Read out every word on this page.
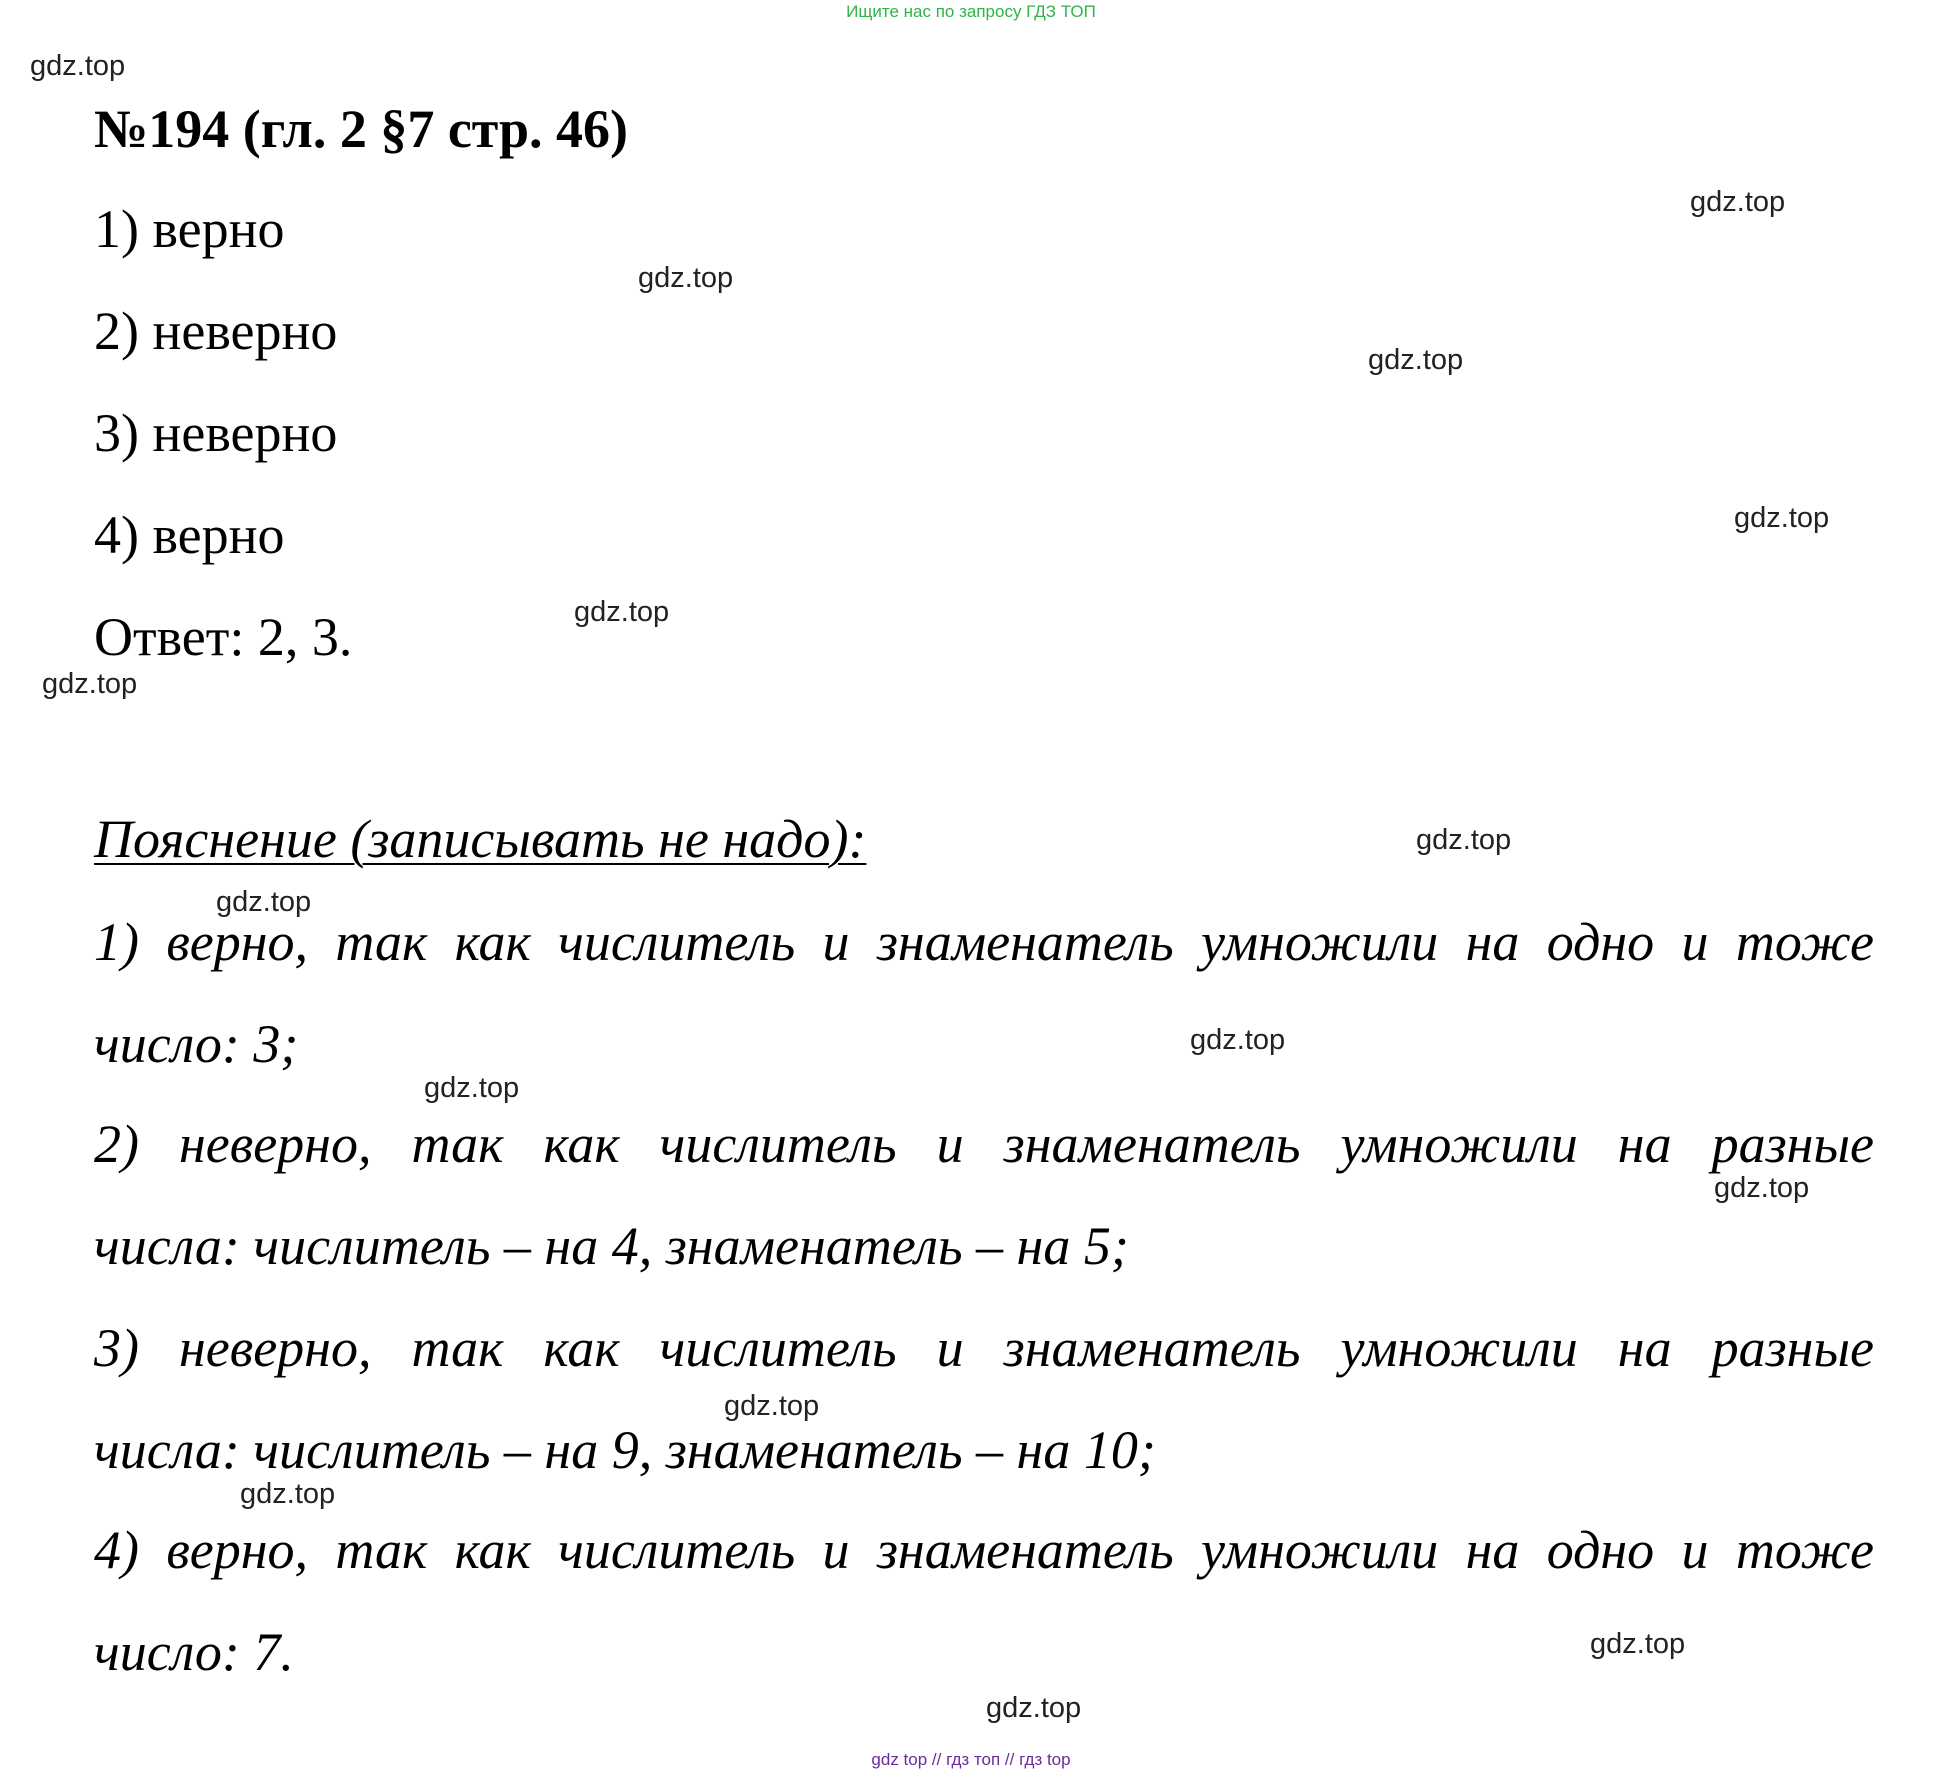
Ищите нас по запросу ГДЗ ТОП
№194 (гл. 2 §7 стр. 46)
1) верно
2) неверно
3) неверно
4) верно
Ответ: 2, 3.
Пояснение (записывать не надо):
1) верно, так как числитель и знаменатель умножили на одно и тоже
число: 3;
2) неверно, так как числитель и знаменатель умножили на разные
числа: числитель – на 4, знаменатель – на 5;
3) неверно, так как числитель и знаменатель умножили на разные
числа: числитель – на 9, знаменатель – на 10;
4) верно, так как числитель и знаменатель умножили на одно и тоже
число: 7.
gdz.top
gdz.top
gdz.top
gdz.top
gdz.top
gdz.top
gdz.top
gdz.top
gdz.top
gdz.top
gdz.top
gdz.top
gdz.top
gdz.top
gdz.top
gdz.top
gdz top // гдз топ // гдз top
